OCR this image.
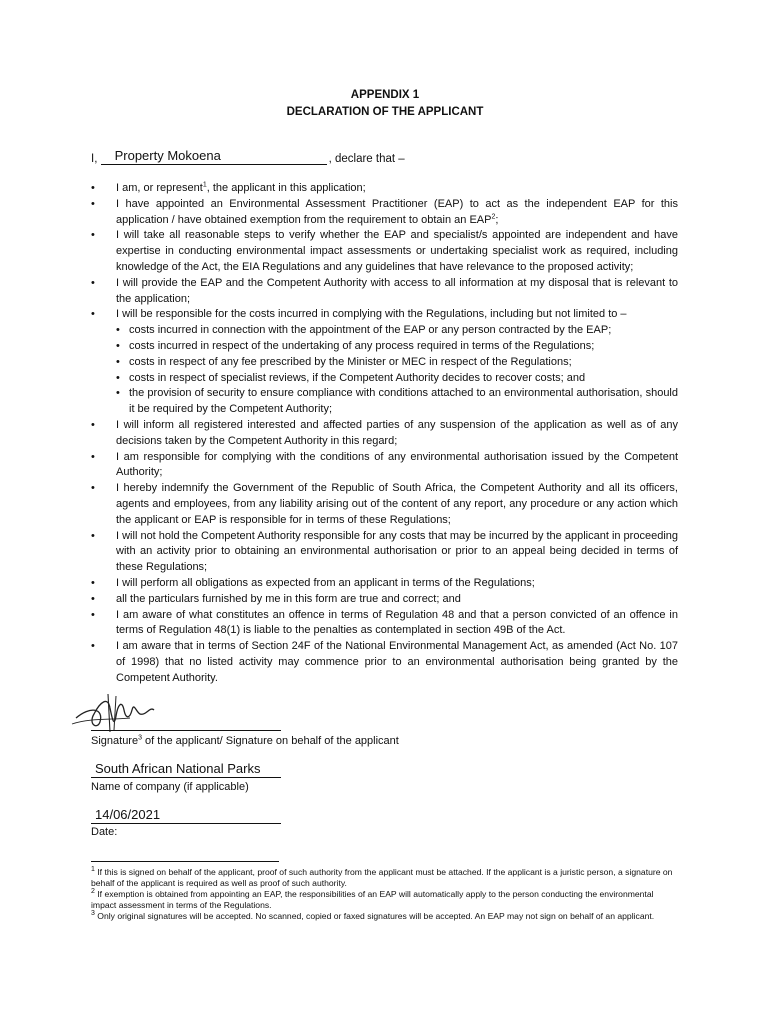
APPENDIX 1
DECLARATION OF THE APPLICANT
I, Property Mokoena	, declare that –
• I am, or represent$^1$, the applicant in this application;
• I have appointed an Environmental Assessment Practitioner (EAP) to act as the independent EAP for this application / have obtained exemption from the requirement to obtain an EAP$^2$;
• I will take all reasonable steps to verify whether the EAP and specialist/s appointed are independent and have expertise in conducting environmental impact assessments or undertaking specialist work as required, including knowledge of the Act, the EIA Regulations and any guidelines that have relevance to the proposed activity;
• I will provide the EAP and the Competent Authority with access to all information at my disposal that is relevant to the application;
• I will be responsible for the costs incurred in complying with the Regulations, including but not limited to –
• costs incurred in connection with the appointment of the EAP or any person contracted by the EAP;
• costs incurred in respect of the undertaking of any process required in terms of the Regulations;
• costs in respect of any fee prescribed by the Minister or MEC in respect of the Regulations;
• costs in respect of specialist reviews, if the Competent Authority decides to recover costs; and
• the provision of security to ensure compliance with conditions attached to an environmental authorisation, should it be required by the Competent Authority;
• I will inform all registered interested and affected parties of any suspension of the application as well as of any decisions taken by the Competent Authority in this regard;
• I am responsible for complying with the conditions of any environmental authorisation issued by the Competent Authority;
• I hereby indemnify the Government of the Republic of South Africa, the Competent Authority and all its officers, agents and employees, from any liability arising out of the content of any report, any procedure or any action which the applicant or EAP is responsible for in terms of these Regulations;
• I will not hold the Competent Authority responsible for any costs that may be incurred by the applicant in proceeding with an activity prior to obtaining an environmental authorisation or prior to an appeal being decided in terms of these Regulations;
• I will perform all obligations as expected from an applicant in terms of the Regulations;
• all the particulars furnished by me in this form are true and correct; and
• I am aware of what constitutes an offence in terms of Regulation 48 and that a person convicted of an offence in terms of Regulation 48(1) is liable to the penalties as contemplated in section 49B of the Act.
• I am aware that in terms of Section 24F of the National Environmental Management Act, as amended (Act No. 107 of 1998) that no listed activity may commence prior to an environmental authorisation being granted by the Competent Authority.
Signature$^3$ of the applicant/ Signature on behalf of the applicant
South African National Parks
Name of company (if applicable)
14/06/2021
Date:

$^1$ If this is signed on behalf of the applicant, proof of such authority from the applicant must be attached. If the applicant is a juristic person, a signature on behalf of the applicant is required as well as proof of such authority.

$^2$ If exemption is obtained from appointing an EAP, the responsibilities of an EAP will automatically apply to the person conducting the environmental impact assessment in terms of the Regulations.

$^3$ Only original signatures will be accepted. No scanned, copied or faxed signatures will be accepted. An EAP may not sign on behalf of an applicant.
